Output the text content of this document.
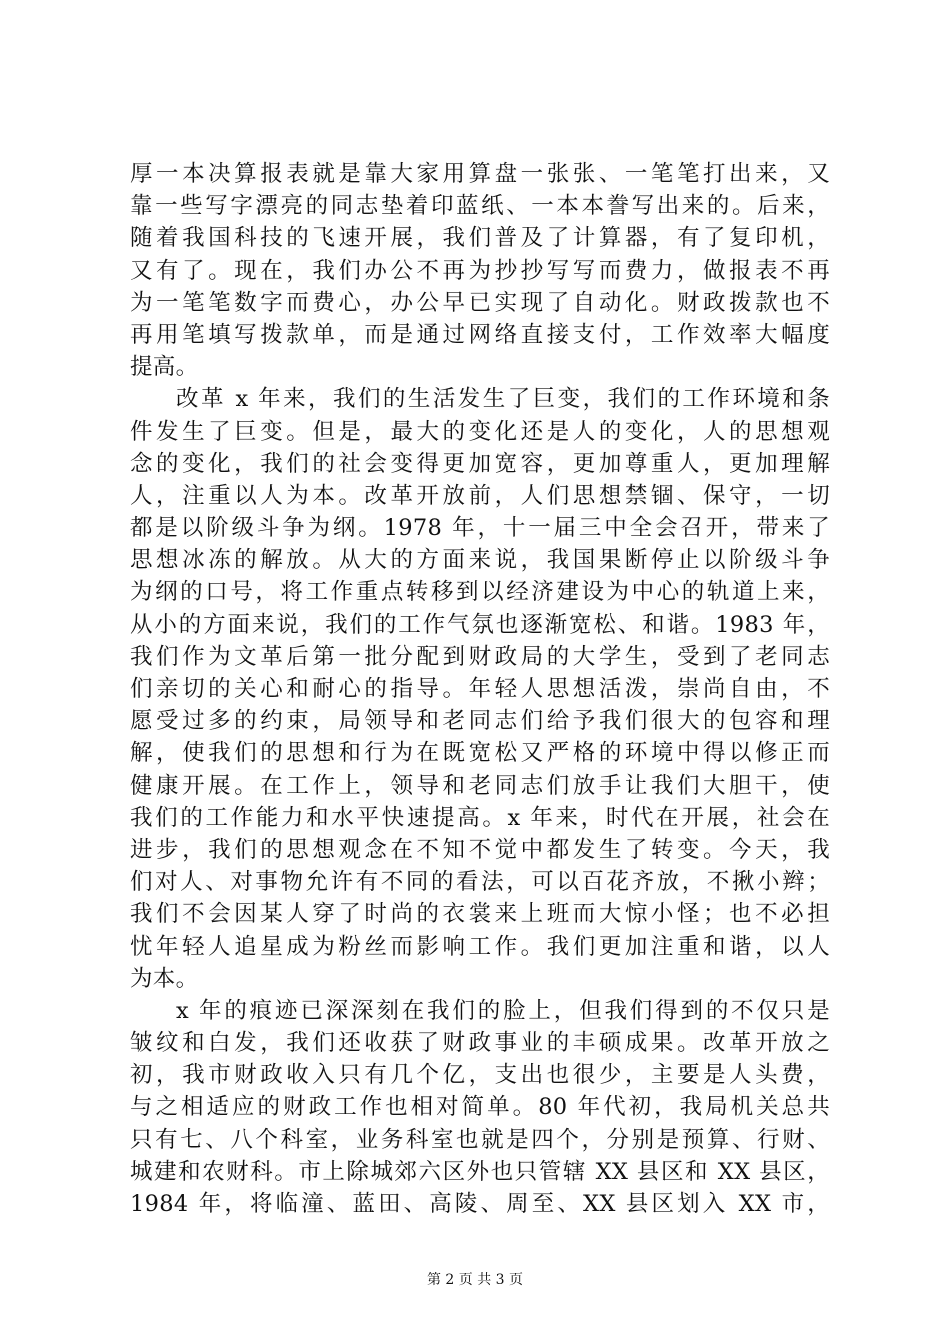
厚一本决算报表就是靠大家用算盘一张张、一笔笔打出来，又
靠一些写字漂亮的同志垫着印蓝纸、一本本誊写出来的。后来，
随着我国科技的飞速开展，我们普及了计算器，有了复印机，
又有了。现在，我们办公不再为抄抄写写而费力，做报表不再
为一笔笔数字而费心，办公早已实现了自动化。财政拨款也不
再用笔填写拨款单，而是通过网络直接支付，工作效率大幅度
提高。
改革 x 年来，我们的生活发生了巨变，我们的工作环境和条
件发生了巨变。但是，最大的变化还是人的变化，人的思想观
念的变化，我们的社会变得更加宽容，更加尊重人，更加理解
人，注重以人为本。改革开放前，人们思想禁锢、保守，一切
都是以阶级斗争为纲。1978 年，十一届三中全会召开，带来了
思想冰冻的解放。从大的方面来说，我国果断停止以阶级斗争
为纲的口号，将工作重点转移到以经济建设为中心的轨道上来，
从小的方面来说，我们的工作气氛也逐渐宽松、和谐。1983 年，
我们作为文革后第一批分配到财政局的大学生，受到了老同志
们亲切的关心和耐心的指导。年轻人思想活泼，崇尚自由，不
愿受过多的约束，局领导和老同志们给予我们很大的包容和理
解，使我们的思想和行为在既宽松又严格的环境中得以修正而
健康开展。在工作上，领导和老同志们放手让我们大胆干，使
我们的工作能力和水平快速提高。x 年来，时代在开展，社会在
进步，我们的思想观念在不知不觉中都发生了转变。今天，我
们对人、对事物允许有不同的看法，可以百花齐放，不揪小辫；
我们不会因某人穿了时尚的衣裳来上班而大惊小怪；也不必担
忧年轻人追星成为粉丝而影响工作。我们更加注重和谐，以人
为本。
x 年的痕迹已深深刻在我们的脸上，但我们得到的不仅只是
皱纹和白发，我们还收获了财政事业的丰硕成果。改革开放之
初，我市财政收入只有几个亿，支出也很少，主要是人头费，
与之相适应的财政工作也相对简单。80 年代初，我局机关总共
只有七、八个科室，业务科室也就是四个，分别是预算、行财、
城建和农财科。市上除城郊六区外也只管辖 XX 县区和 XX 县区，
1984 年，将临潼、蓝田、高陵、周至、XX 县区划入 XX 市，
第 2 页 共 3 页
